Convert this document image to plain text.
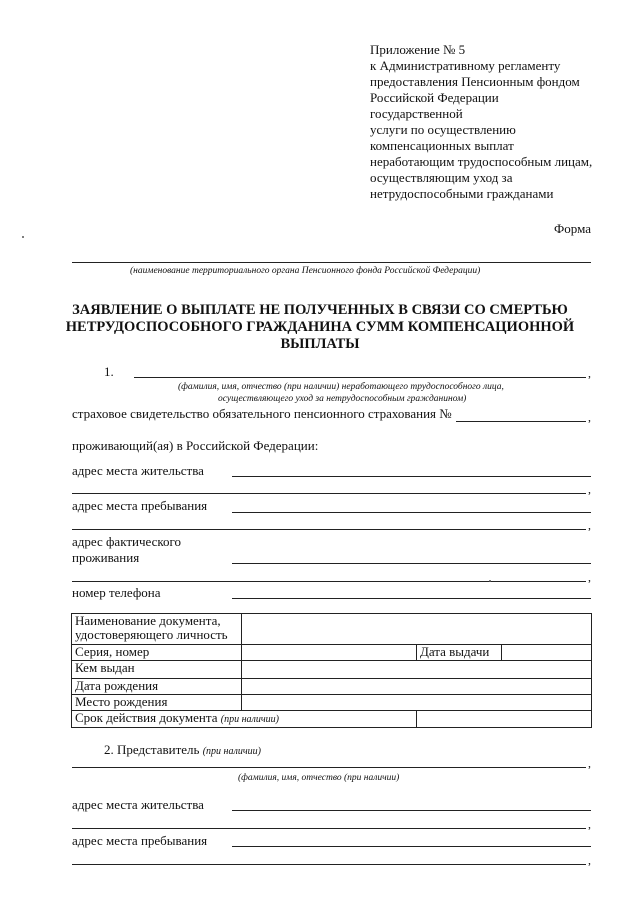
Приложение № 5
к Административному регламенту
предоставления Пенсионным фондом
Российской Федерации
государственной
услуги по осуществлению
компенсационных выплат
неработающим трудоспособным лицам,
осуществляющим уход за
нетрудоспособными гражданами
Форма
(наименование территориального органа Пенсионного фонда Российской Федерации)
ЗАЯВЛЕНИЕ О ВЫПЛАТЕ НЕ ПОЛУЧЕННЫХ В СВЯЗИ СО СМЕРТЬЮ
НЕТРУДОСПОСОБНОГО ГРАЖДАНИНА СУММ КОМПЕНСАЦИОННОЙ
ВЫПЛАТЫ
1.	,
(фамилия, имя, отчество (при наличии) неработающего трудоспособного лица,
осуществляющего уход за нетрудоспособным гражданином)
страховое свидетельство обязательного пенсионного страхования №	,
проживающий(ая) в Российской Федерации:
адрес места жительства
,
адрес места пребывания
,
адрес фактического
проживания
,
номер телефона
Наименование документа,
удостоверяющего личность			

Серия, номер		Дата выдачи	
Кем выдан			
Дата рождения			
Место рождения			
Срок действия документа (при наличии)			
2. Представитель (при наличии)
,
(фамилия, имя, отчество (при наличии)
адрес места жительства
,
адрес места пребывания
,
